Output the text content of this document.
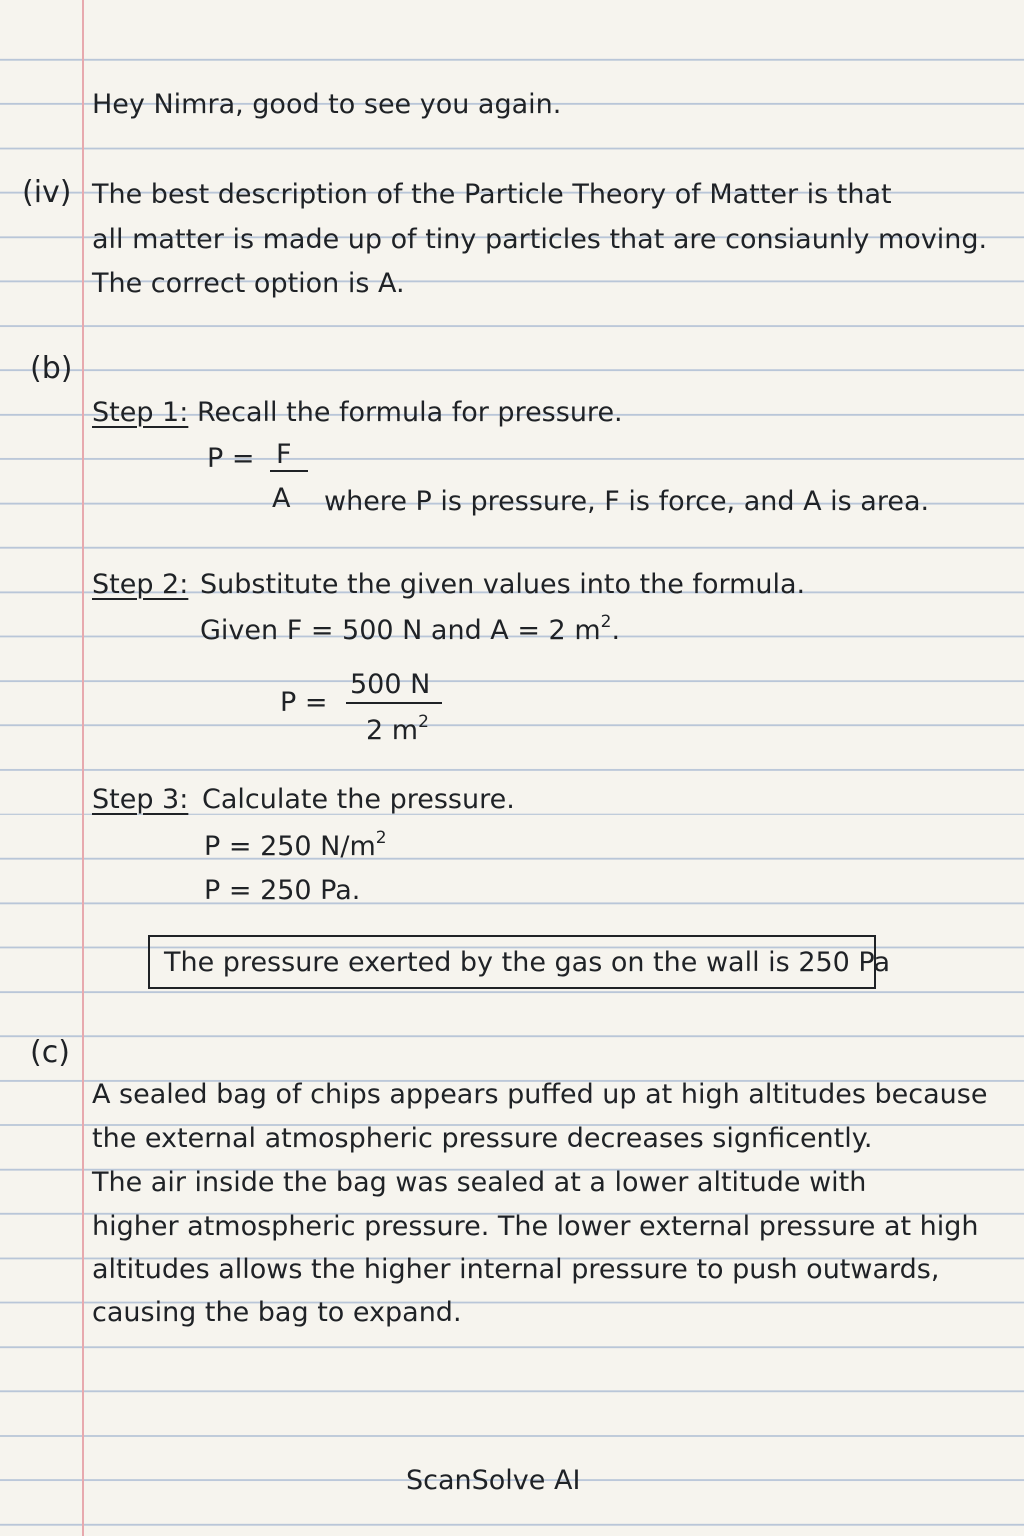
Hey Nimra, good to see you again.
(iv) The best description of the Particle Theory of Matter is that
all matter is made up of tiny particles that are consiaunly moving.
The correct option is A.
(b)
Step 1: Recall the formula for pressure.
P = F
A where P is pressure, F is force, and A is area.
Step 2: Substitute the given values into the formula.
Given F = 500 N and A = 2 $m^2$.
P =
500 N
2 $m^2$
Step 3: Calculate the pressure.
P = 250 $N/m^2$
P = 250 Pa.
The pressure exerted by the gas on the wall is 250 Pa
(c)
A sealed bag of chips appears puffed up at high altitudes because
the external atmospheric pressure decreases signficently.
The air inside the bag was sealed at a lower altitude with
higher atmospheric pressure. The lower external pressure at high
altitudes allows the higher internal pressure to push outwards,
causing the bag to expand.
ScanSolve AI
